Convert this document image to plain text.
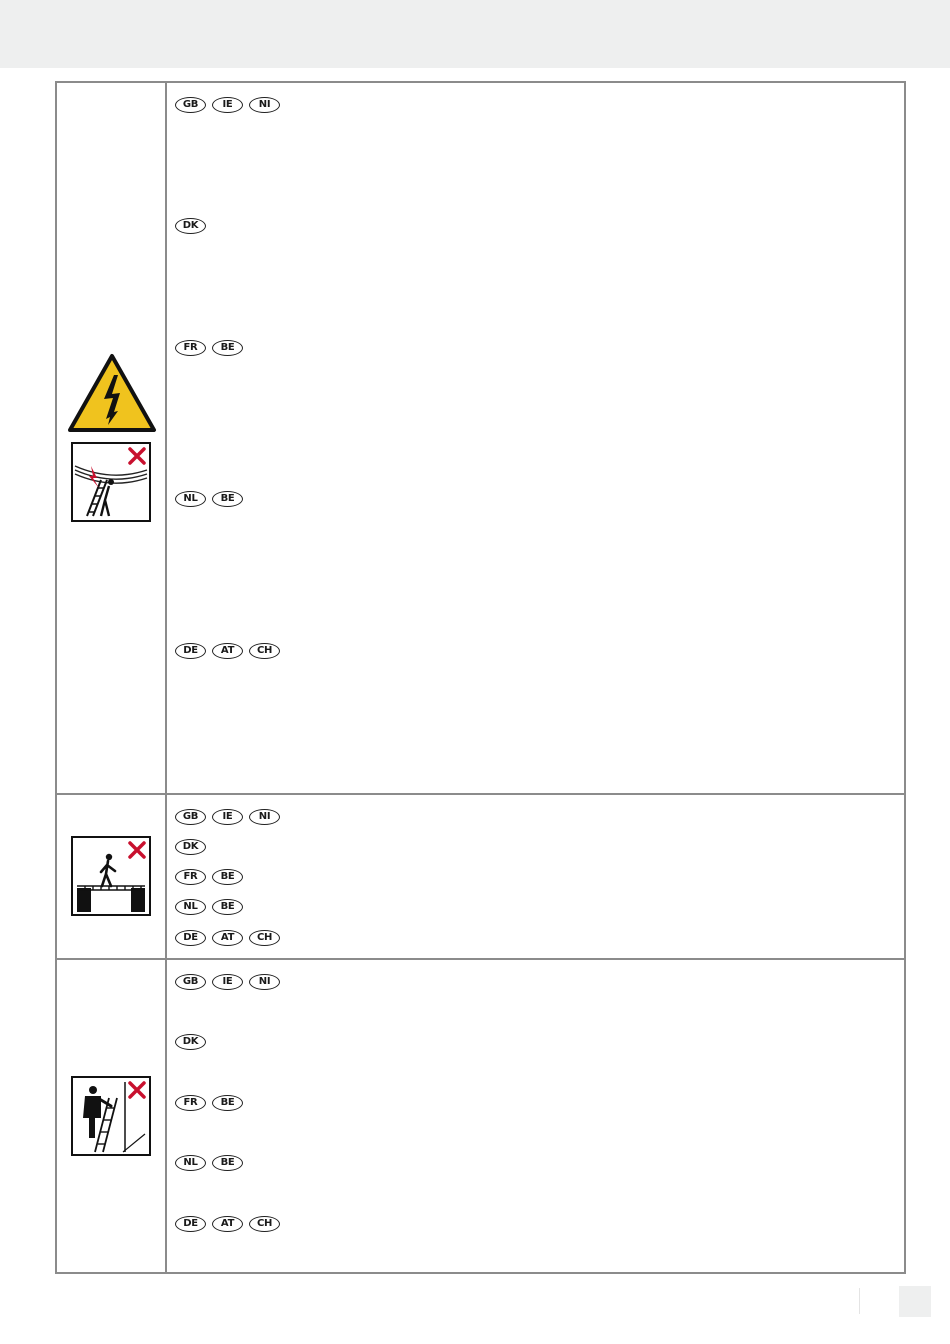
GB	IE	NI
DK
FR	BE
NL	BE
DE	AT	CH
GB	IE	NI
DK
FR	BE
NL	BE
DE	AT	CH
GB	IE	NI
DK
FR	BE
NL	BE
DE	AT	CH
